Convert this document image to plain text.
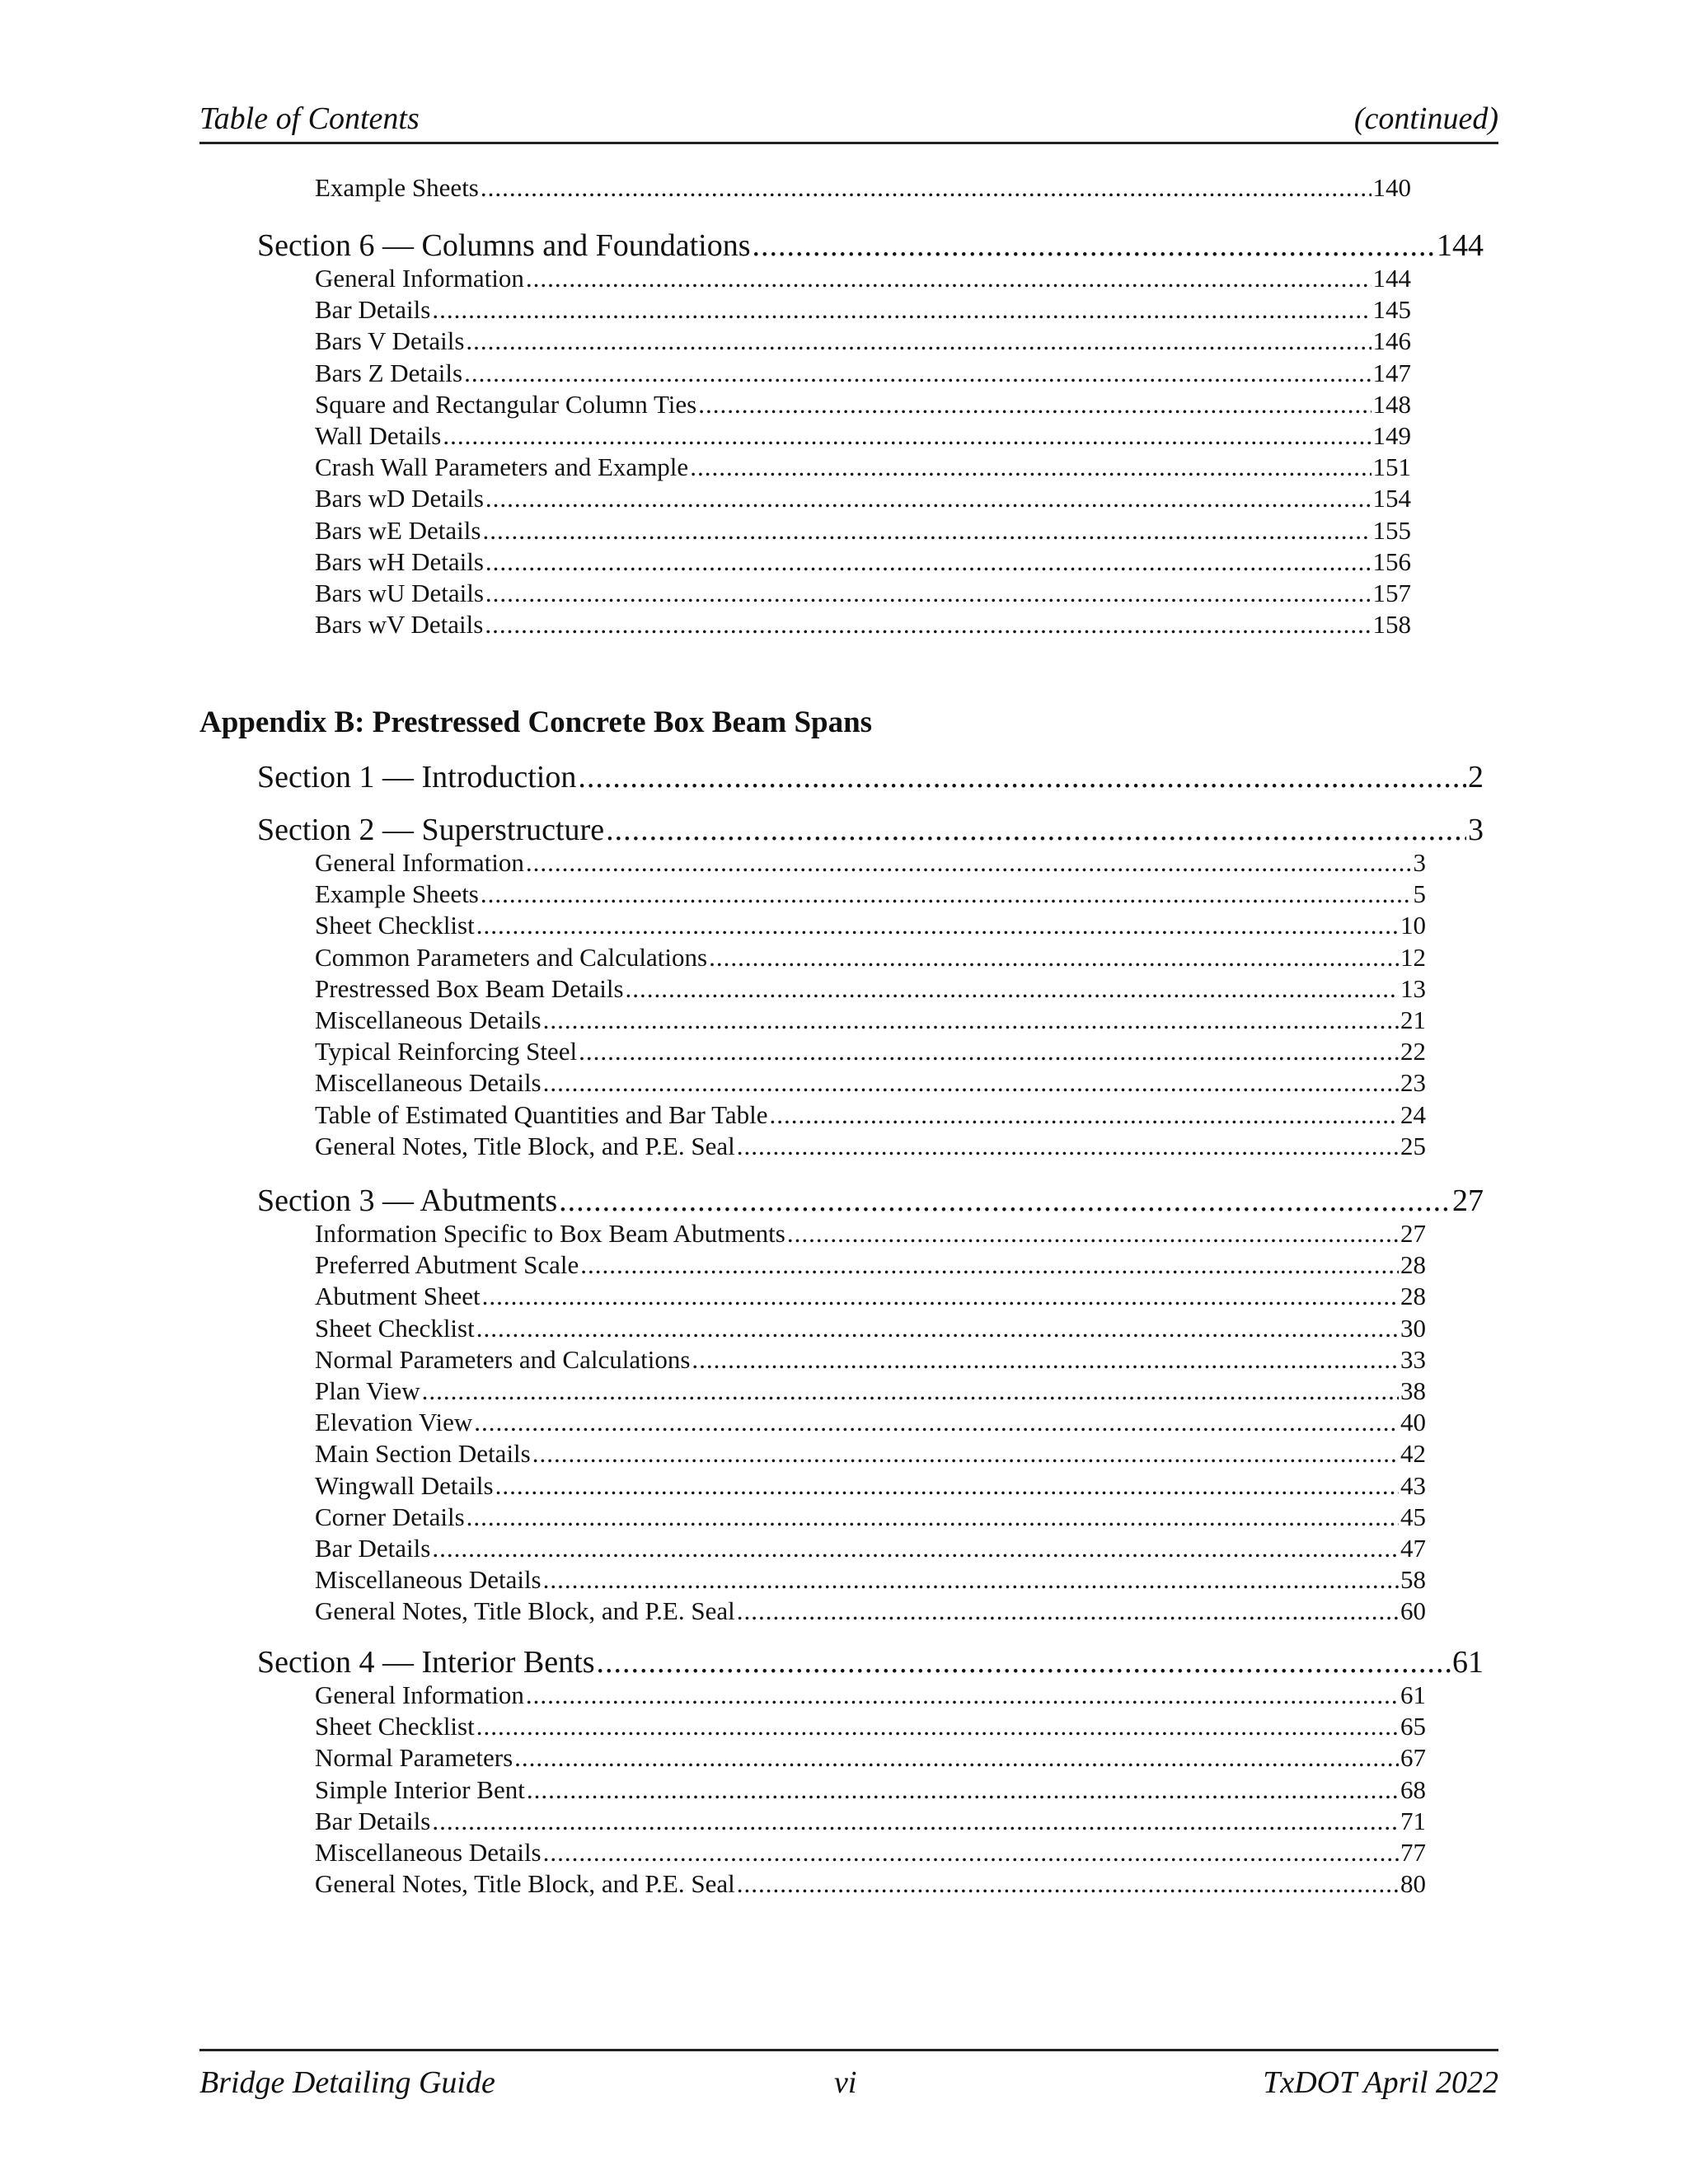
Table of Contents	(continued)
Example Sheets .....	140
Section 6 — Columns and Foundations .....	144
General Information .....	144
Bar Details .....	145
Bars V Details .....	146
Bars Z Details .....	147
Square and Rectangular Column Ties .....	148
Wall Details .....	149
Crash Wall Parameters and Example .....	151
Bars wD Details .....	154
Bars wE Details .....	155
Bars wH Details .....	156
Bars wU Details .....	157
Bars wV Details .....	158
Section 1 — Introduction .....	2
Section 2 — Superstructure .....	3
General Information .....	3
Example Sheets .....	5
Sheet Checklist .....	10
Common Parameters and Calculations .....	12
Prestressed Box Beam Details .....	13
Miscellaneous Details .....	21
Typical Reinforcing Steel .....	22
Miscellaneous Details .....	23
Table of Estimated Quantities and Bar Table .....	24
General Notes, Title Block, and P.E. Seal .....	25
Section 3 — Abutments .....	27
Information Specific to Box Beam Abutments .....	27
Preferred Abutment Scale .....	28
Abutment Sheet .....	28
Sheet Checklist .....	30
Normal Parameters and Calculations .....	33
Plan View .....	38
Elevation View .....	40
Main Section Details .....	42
Wingwall Details .....	43
Corner Details .....	45
Bar Details .....	47
Miscellaneous Details .....	58
General Notes, Title Block, and P.E. Seal .....	60
Section 4 — Interior Bents .....	61
General Information .....	61
Sheet Checklist .....	65
Normal Parameters .....	67
Simple Interior Bent .....	68
Bar Details .....	71
Miscellaneous Details .....	77
General Notes, Title Block, and P.E. Seal .....	80
Appendix B: Prestressed Concrete Box Beam Spans
Bridge Detailing Guide	vi	TxDOT April 2022
